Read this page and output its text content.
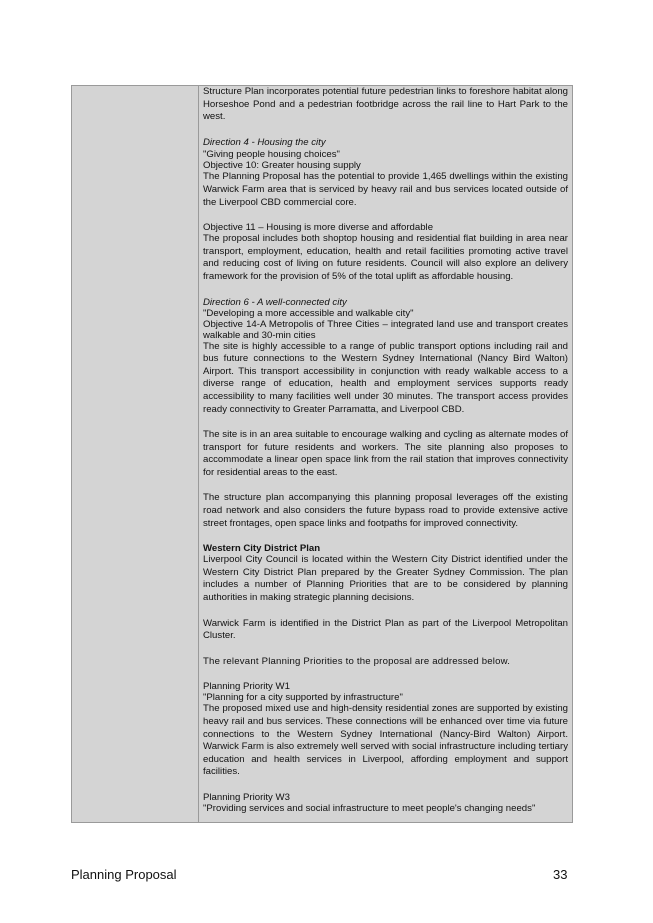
Structure Plan incorporates potential future pedestrian links to foreshore habitat along Horseshoe Pond and a pedestrian footbridge across the rail line to Hart Park to the west.

Direction 4 - Housing the city

"Giving people housing choices"

Objective 10: Greater housing supply

The Planning Proposal has the potential to provide 1,465 dwellings within the existing Warwick Farm area that is serviced by heavy rail and bus services located outside of the Liverpool CBD commercial core.

Objective 11 – Housing is more diverse and affordable

The proposal includes both shoptop housing and residential flat building in area near transport, employment, education, health and retail facilities promoting active travel and reducing cost of living on future residents. Council will also explore an delivery framework for the provision of 5% of the total uplift as affordable housing.

Direction 6 - A well-connected city

"Developing a more accessible and walkable city"

Objective 14-A Metropolis of Three Cities – integrated land use and transport creates walkable and 30-min cities

The site is highly accessible to a range of public transport options including rail and bus future connections to the Western Sydney International (Nancy Bird Walton) Airport. This transport accessibility in conjunction with ready walkable access to a diverse range of education, health and employment services supports ready accessibility to many facilities well under 30 minutes. The transport access provides ready connectivity to Greater Parramatta, and Liverpool CBD.

The site is in an area suitable to encourage walking and cycling as alternate modes of transport for future residents and workers. The site planning also proposes to accommodate a linear open space link from the rail station that improves connectivity for residential areas to the east.

The structure plan accompanying this planning proposal leverages off the existing road network and also considers the future bypass road to provide extensive active street frontages, open space links and footpaths for improved connectivity.

Western City District Plan

Liverpool City Council is located within the Western City District identified under the Western City District Plan prepared by the Greater Sydney Commission. The plan includes a number of Planning Priorities that are to be considered by planning authorities in making strategic planning decisions.

Warwick Farm is identified in the District Plan as part of the Liverpool Metropolitan Cluster.

The relevant Planning Priorities to the proposal are addressed below.

Planning Priority W1

"Planning for a city supported by infrastructure"

The proposed mixed use and high-density residential zones are supported by existing heavy rail and bus services. These connections will be enhanced over time via future connections to the Western Sydney International (Nancy-Bird Walton) Airport. Warwick Farm is also extremely well served with social infrastructure including tertiary education and health services in Liverpool, affording employment and support facilities.

Planning Priority W3

"Providing services and social infrastructure to meet people's changing needs"

Planning Proposal	33
